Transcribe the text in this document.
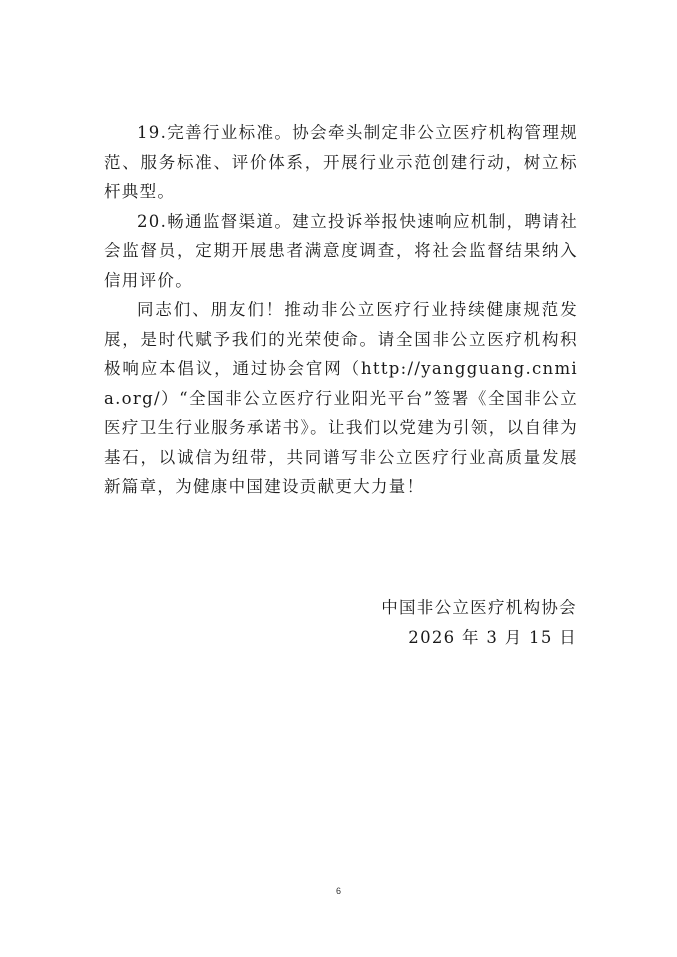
19.完善行业标准。协会牵头制定非公立医疗机构管理规范、服务标准、评价体系，开展行业示范创建行动，树立标杆典型。

20.畅通监督渠道。建立投诉举报快速响应机制，聘请社会监督员，定期开展患者满意度调查，将社会监督结果纳入信用评价。

同志们、朋友们！推动非公立医疗行业持续健康规范发展，是时代赋予我们的光荣使命。请全国非公立医疗机构积极响应本倡议，通过协会官网（http://yangguang.cnmia.org/）“全国非公立医疗行业阳光平台”签署《全国非公立医疗卫生行业服务承诺书》。让我们以党建为引领，以自律为基石，以诚信为纽带，共同谱写非公立医疗行业高质量发展新篇章，为健康中国建设贡献更大力量！

中国非公立医疗机构协会

2026 年 3 月 15 日

6
